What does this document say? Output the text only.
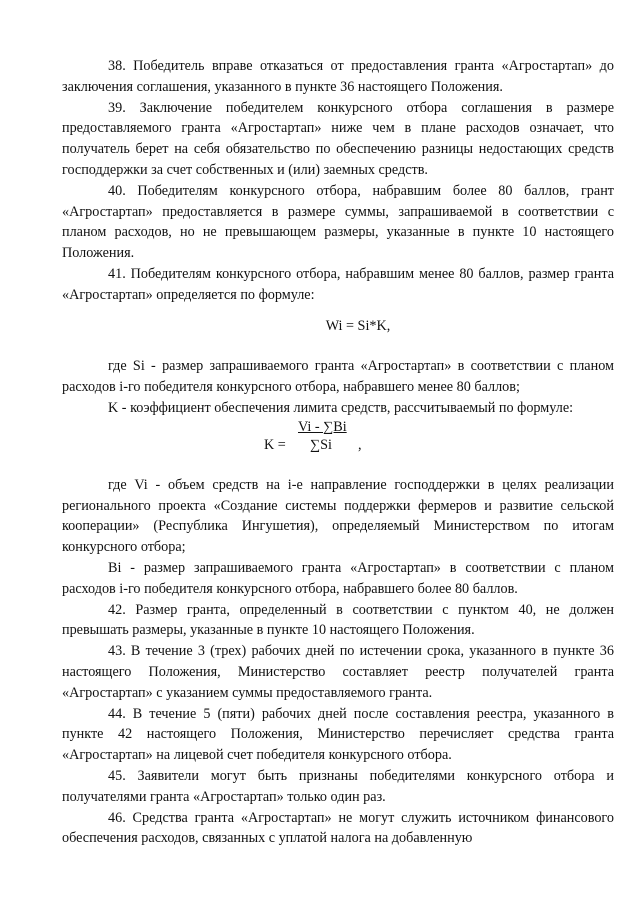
38. Победитель вправе отказаться от предоставления гранта «Агростартап» до заключения соглашения, указанного в пункте 36 настоящего Положения.

39. Заключение победителем конкурсного отбора соглашения в размере предоставляемого гранта «Агростартап» ниже чем в плане расходов означает, что получатель берет на себя обязательство по обеспечению разницы недостающих средств господдержки за счет собственных и (или) заемных средств.

40. Победителям конкурсного отбора, набравшим более 80 баллов, грант «Агростартап» предоставляется в размере суммы, запрашиваемой в соответствии с планом расходов, но не превышающем размеры, указанные в пункте 10 настоящего Положения.

41. Победителям конкурсного отбора, набравшим менее 80 баллов, размер гранта «Агростартап» определяется по формуле:

Wi = Si*K,

где Si - размер запрашиваемого гранта «Агростартап» в соответствии с планом расходов i-го победителя конкурсного отбора, набравшего менее 80 баллов;

K - коэффициент обеспечения лимита средств, рассчитываемый по формуле:

Vi - ∑Bi
K = ∑Si ,

где Vi - объем средств на i-е направление господдержки в целях реализации регионального проекта «Создание системы поддержки фермеров и развитие сельской кооперации» (Республика Ингушетия), определяемый Министерством по итогам конкурсного отбора;

Bi - размер запрашиваемого гранта «Агростартап» в соответствии с планом расходов i-го победителя конкурсного отбора, набравшего более 80 баллов.

42. Размер гранта, определенный в соответствии с пунктом 40, не должен превышать размеры, указанные в пункте 10 настоящего Положения.

43. В течение 3 (трех) рабочих дней по истечении срока, указанного в пункте 36 настоящего Положения, Министерство составляет реестр получателей гранта «Агростартап» с указанием суммы предоставляемого гранта.

44. В течение 5 (пяти) рабочих дней после составления реестра, указанного в пункте 42 настоящего Положения, Министерство перечисляет средства гранта «Агростартап» на лицевой счет победителя конкурсного отбора.

45. Заявители могут быть признаны победителями конкурсного отбора и получателями гранта «Агростартап» только один раз.

46. Средства гранта «Агростартап» не могут служить источником финансового обеспечения расходов, связанных с уплатой налога на добавленную
